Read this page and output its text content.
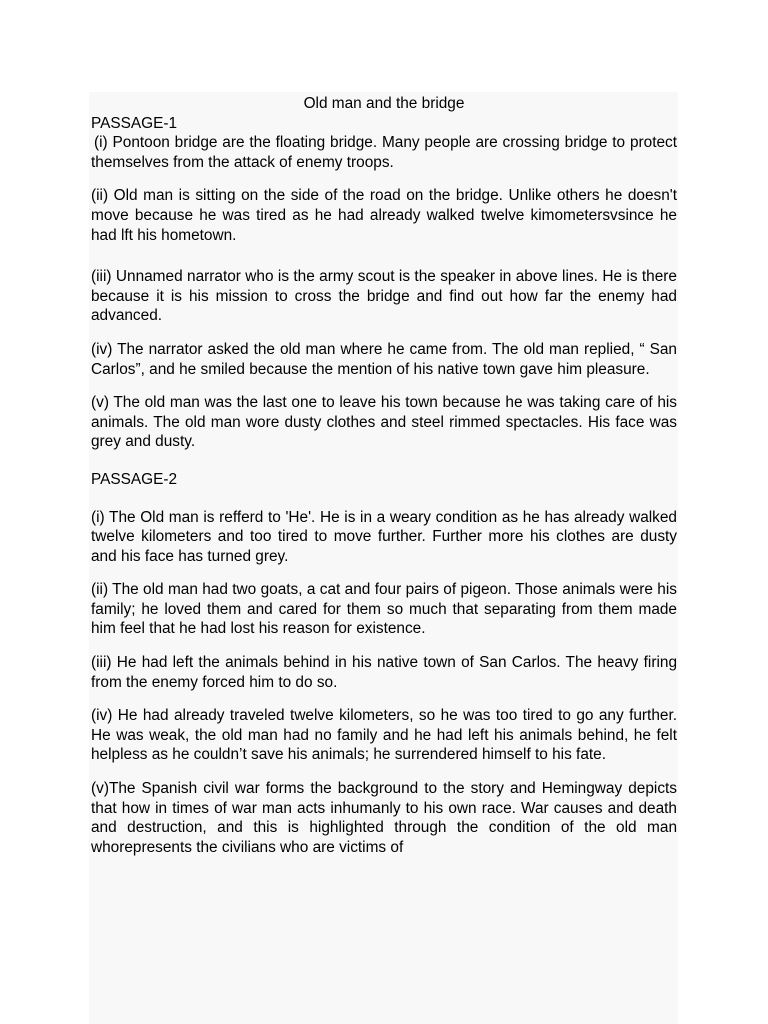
Old man and the bridge

PASSAGE-1

(i) Pontoon bridge are the floating bridge. Many people are crossing bridge to protect themselves from the attack of enemy troops.

(ii) Old man is sitting on the side of the road on the bridge. Unlike others he doesn't move because he was tired as he had already walked twelve kimometersvsince he had lft his hometown.

(iii) Unnamed narrator who is the army scout is the speaker in above lines. He is there because it is his mission to cross the bridge and find out how far the enemy had advanced.

(iv) The narrator asked the old man where he came from. The old man replied, “ San Carlos”, and he smiled because the mention of his native town gave him pleasure.

(v) The old man was the last one to leave his town because he was taking care of his animals. The old man wore dusty clothes and steel rimmed spectacles. His face was grey and dusty.

PASSAGE-2

(i) The Old man is refferd to 'He'. He is in a weary condition as he has already walked twelve kilometers and too tired to move further. Further more his clothes are dusty and his face has turned grey.

(ii) The old man had two goats, a cat and four pairs of pigeon. Those animals were his family; he loved them and cared for them so much that separating from them made him feel that he had lost his reason for existence.

(iii) He had left the animals behind in his native town of San Carlos. The heavy firing from the enemy forced him to do so.

(iv) He had already traveled twelve kilometers, so he was too tired to go any further. He was weak, the old man had no family and he had left his animals behind, he felt helpless as he couldn’t save his animals; he surrendered himself to his fate.

(v)The Spanish civil war forms the background to the story and Hemingway depicts that how in times of war man acts inhumanly to his own race. War causes and death and destruction, and this is highlighted through the condition of the old man whorepresents the civilians who are victims of
